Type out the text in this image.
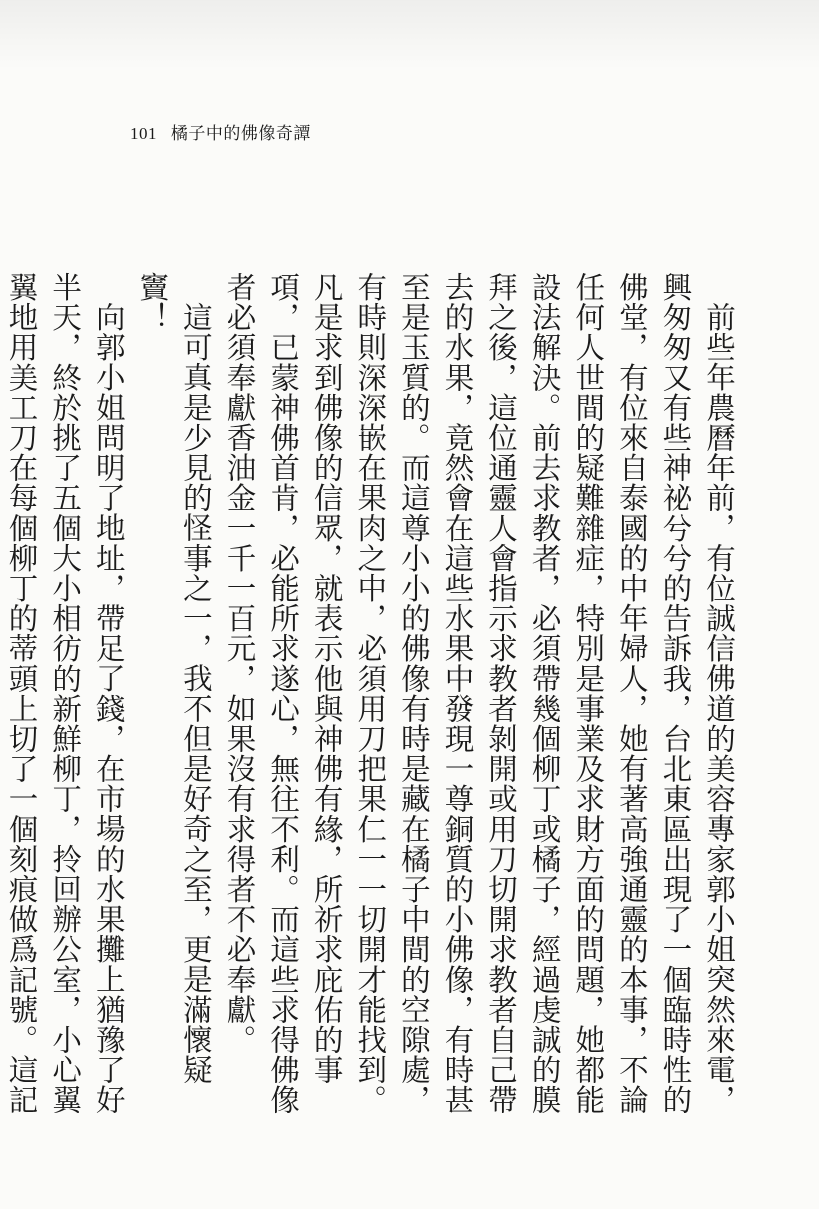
101 橘子中的佛像奇譚

前些年農曆年前，有位誠信佛道的美容專家郭小姐突然來電，興匆匆又有些神祕兮兮的告訴我，台北東區出現了一個臨時性的佛堂，有位來自泰國的中年婦人，她有著高強通靈的本事，不論任何人世間的疑難雜症，特別是事業及求財方面的問題，她都能設法解決。前去求教者，必須帶幾個柳丁或橘子，經過虔誠的膜拜之後，這位通靈人會指示求教者剝開或用刀切開求教者自己帶去的水果，竟然會在這些水果中發現一尊銅質的小佛像，有時甚至是玉質的。而這尊小小的佛像有時是藏在橘子中間的空隙處，有時則深深嵌在果肉之中，必須用刀把果仁一一切開才能找到。凡是求到佛像的信眾，就表示他與神佛有緣，所祈求庇佑的事項，已蒙神佛首肯，必能所求遂心，無往不利。而這些求得佛像者必須奉獻香油金一千一百元，如果沒有求得者不必奉獻。

這可真是少見的怪事之一，我不但是好奇之至，更是滿懷疑竇！

向郭小姐問明了地址，帶足了錢，在市場的水果攤上猶豫了好半天，終於挑了五個大小相彷的新鮮柳丁，拎回辦公室，小心翼翼地用美工刀在每個柳丁的蒂頭上切了一個刻痕做爲記號。這記
